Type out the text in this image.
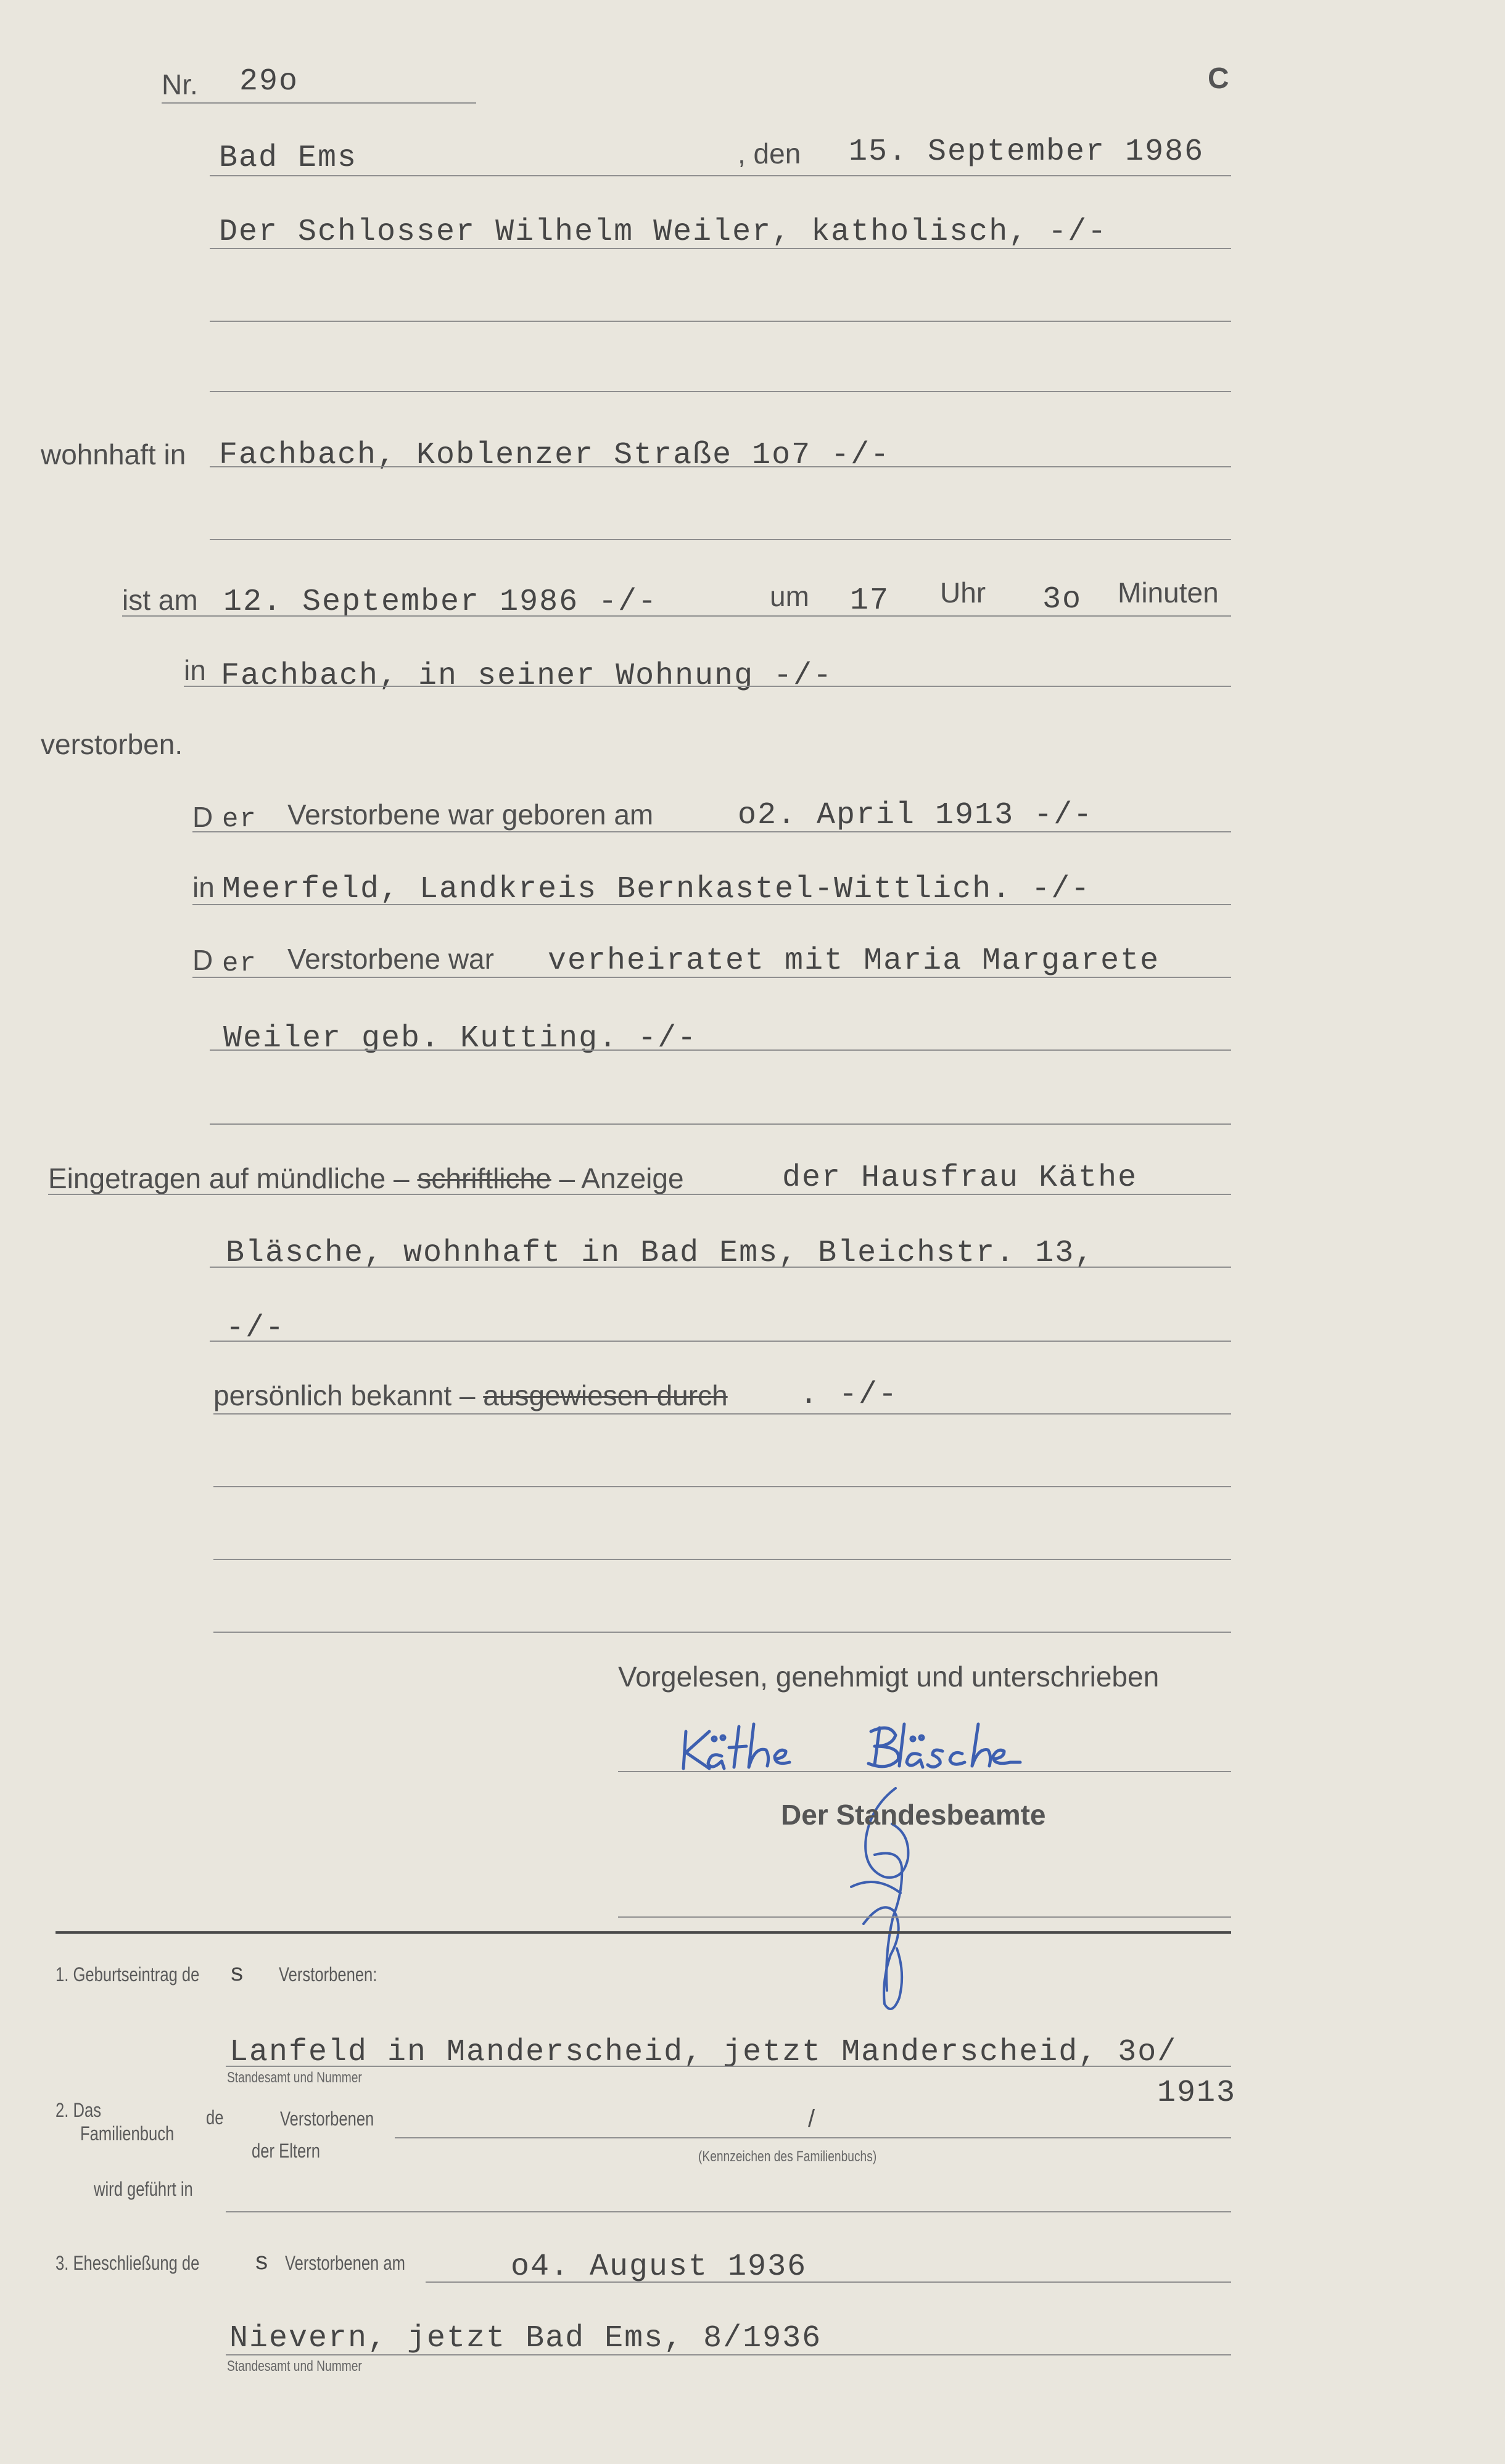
Nr. 29o	C
Bad Ems	, den 15. September 1986
Der Schlosser Wilhelm Weiler, katholisch, -/-
wohnhaft in Fachbach, Koblenzer Straße 1o7 -/-
ist am 12. September 1986 -/-	um 17 Uhr 3o Minuten
in Fachbach, in seiner Wohnung -/-
verstorben.
D er Verstorbene war geboren am	o2. April 1913 -/-
in Meerfeld, Landkreis Bernkastel-Wittlich. -/-
D er Verstorbene war verheiratet mit Maria Margarete
Weiler geb. Kutting. -/-
Eingetragen auf mündliche – schriftliche – Anzeige	der Hausfrau Käthe
Bläsche, wohnhaft in Bad Ems, Bleichstr. 13,
-/-
persönlich bekannt – ausgewiesen durch . -/-
Vorgelesen, genehmigt und unterschrieben
Der Standesbeamte
1. Geburtseintrag de s Verstorbenen:
Lanfeld in Manderscheid, jetzt Manderscheid, 3o/
Standesamt und Nummer	1913
2. Das
Familienbuch
de	Verstorbenen
der Eltern
/
(Kennzeichen des Familienbuchs)
wird geführt in
3. Eheschließung de s Verstorbenen am	o4. August 1936
Nievern, jetzt Bad Ems, 8/1936
Standesamt und Nummer
